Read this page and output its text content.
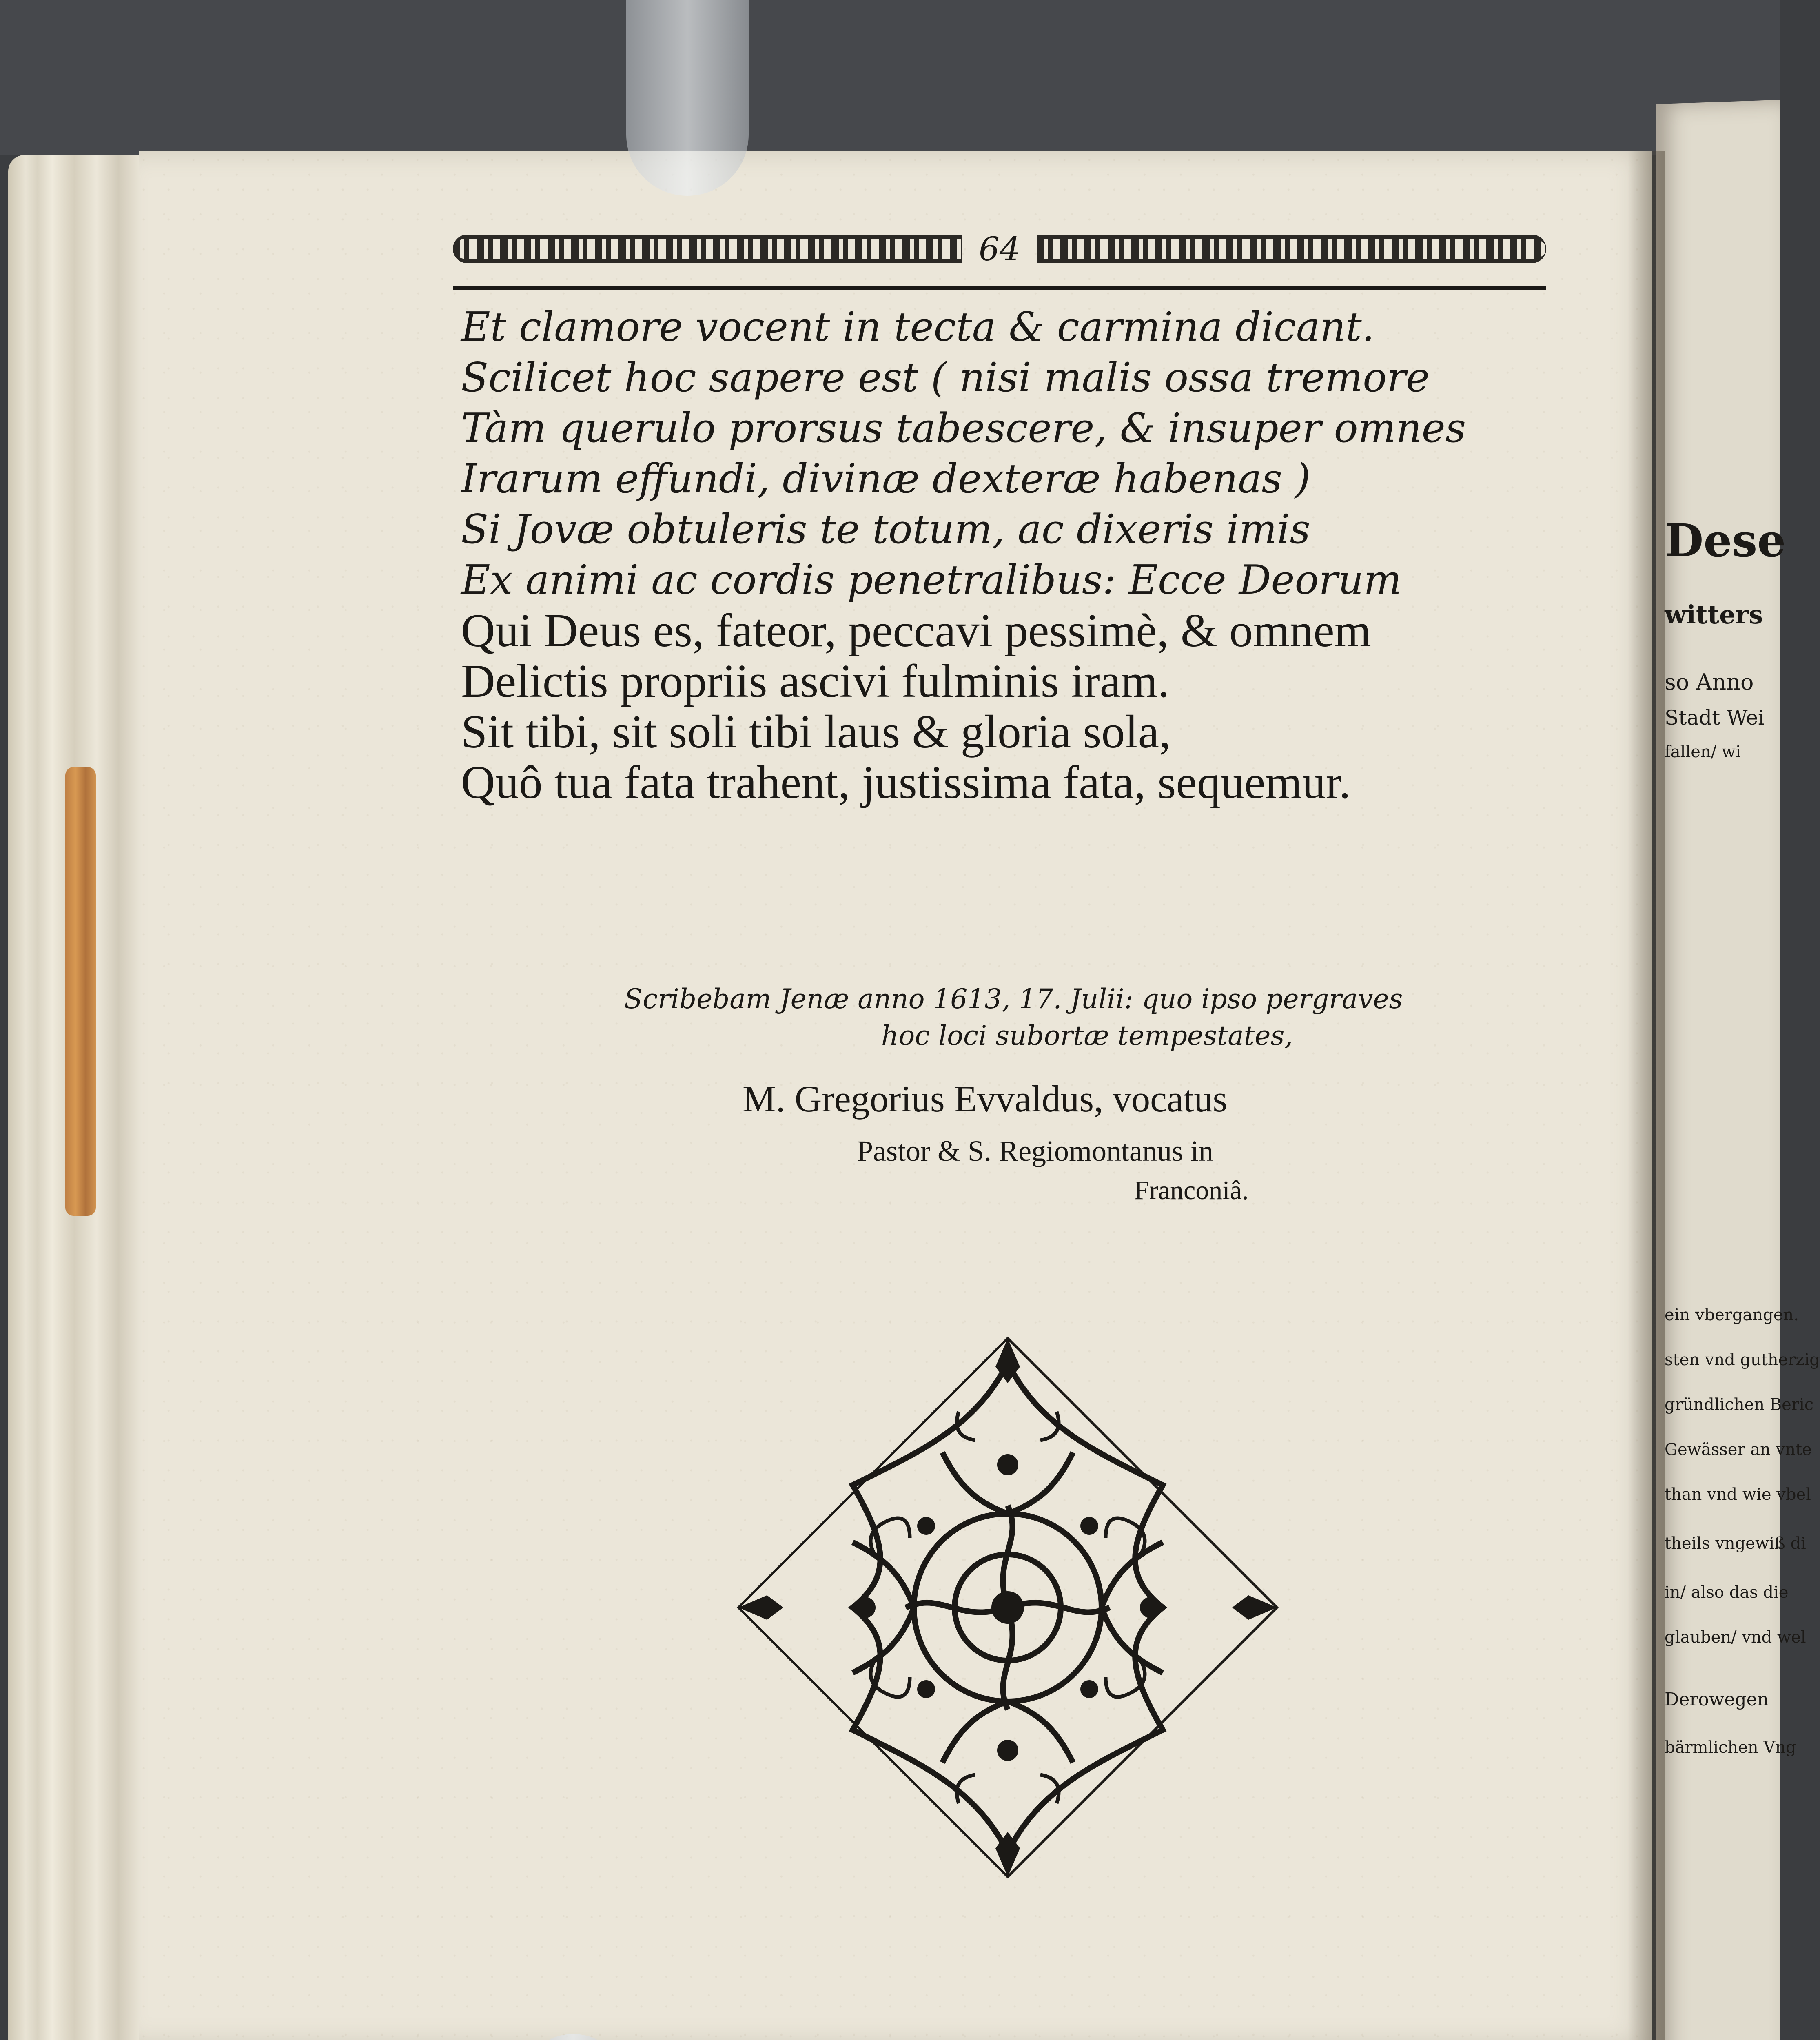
Dese
witters
so Anno
Stadt Wei
fallen/ wi
ein vbergangen.
sten vnd gutherzig
gründlichen Beric
Gewässer an vnte
than vnd wie vbel
theils vngewiß di
in/ also das die
glauben/ vnd wel
Derowegen
bärmlichen Vng
64
Et clamore vocent in tecta & carmina dicant.
Scilicet hoc sapere est ( nisi malis ossa tremore
Tàm querulo prorsus tabescere, & insuper omnes
Irarum effundi, divinæ dexteræ habenas )
Si Jovæ obtuleris te totum, ac dixeris imis
Ex animi ac cordis penetralibus: Ecce Deorum
Qui Deus es, fateor, peccavi pessimè, & omnem
Delictis propriis ascivi fulminis iram.
Sit tibi, sit soli tibi laus & gloria sola,
Quô tua fata trahent, justissima fata, sequemur.
Scribebam Jenæ anno 1613, 17. Julii: quo ipso pergraves
hoc loci subortæ tempestates,
M. Gregorius Evvaldus, vocatus
Pastor & S. Regiomontanus in
Franconiâ.
